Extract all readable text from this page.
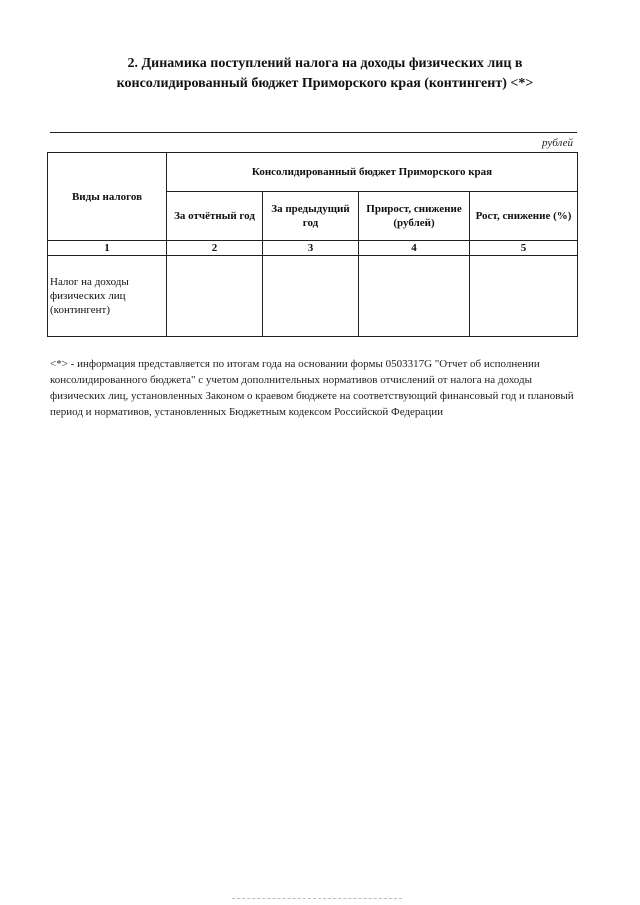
2. Динамика поступлений налога на доходы физических лиц в
консолидированный бюджет Приморского края (контингент) <*>
рублей
Виды налогов	Консолидированный бюджет Приморского края			
	За отчётный год	За предыдущий год	Прирост, снижение (рублей)	Рост, снижение (%)
1	2	3	4	5
Налог на доходы физических лиц (контингент)				
<*> - информация представляется по итогам года на основании формы 0503317G "Отчет об исполнении консолидированного бюджета" с учетом дополнительных нормативов отчислений от налога на доходы физических лиц, установленных Законом о краевом бюджете на соответствующий финансовый год и плановый период и нормативов, установленных Бюджетным кодексом Российской Федерации
